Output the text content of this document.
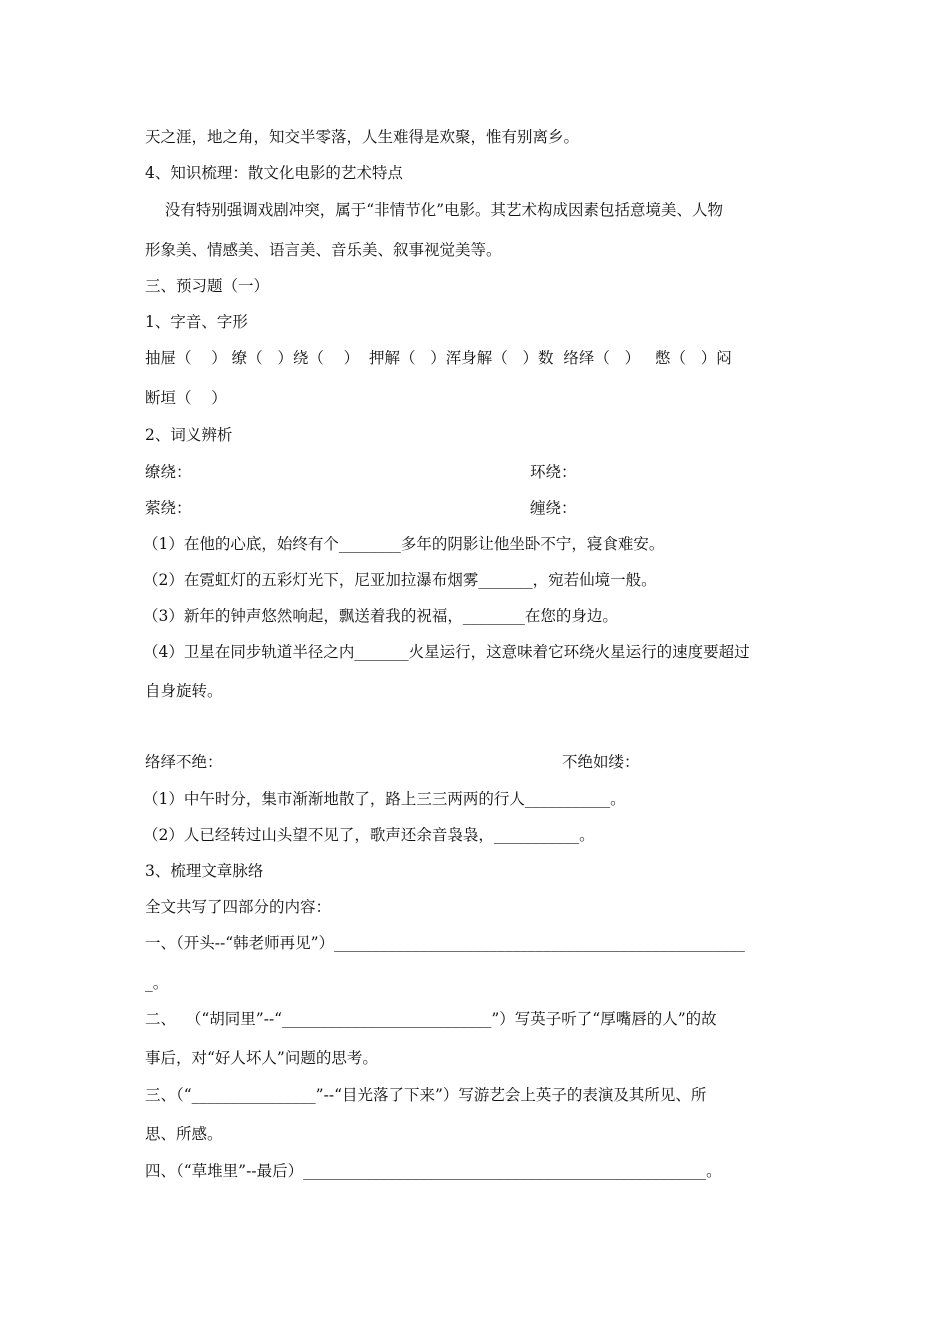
天之涯，地之角，知交半零落，人生难得是欢聚，惟有别离乡。
4、知识梳理：散文化电影的艺术特点
没有特别强调戏剧冲突，属于“非情节化”电影。其艺术构成因素包括意境美、人物
形象美、情感美、语言美、音乐美、叙事视觉美等。
三、预习题（一）
1、字音、字形
抽屉（    ） 缭（   ）绕（    ）  押解（   ）浑身解（   ）数  络绎（   ）   憋（   ）闷
断垣（    ）
2、词义辨析
缭绕：	环绕：
萦绕：	缠绕：
（1）在他的心底，始终有个________多年的阴影让他坐卧不宁，寝食难安。
（2）在霓虹灯的五彩灯光下，尼亚加拉瀑布烟雾_______，宛若仙境一般。
（3）新年的钟声悠然响起，飘送着我的祝福，________在您的身边。
（4）卫星在同步轨道半径之内_______火星运行，这意味着它环绕火星运行的速度要超过
自身旋转。
络绎不绝：	不绝如缕：
（1）中午时分，集市渐渐地散了，路上三三两两的行人___________。
（2）人已经转过山头望不见了，歌声还余音袅袅，___________。
3、梳理文章脉络
全文共写了四部分的内容：
一、（开头--“韩老师再见”）_____________________________________________________
_。
二、  （“胡同里”--“___________________________”）写英子听了“厚嘴唇的人”的故
事后，对“好人坏人”问题的思考。
三、（“________________”--“目光落了下来”）写游艺会上英子的表演及其所见、所
思、所感。
四、（“草堆里”--最后）____________________________________________________。
